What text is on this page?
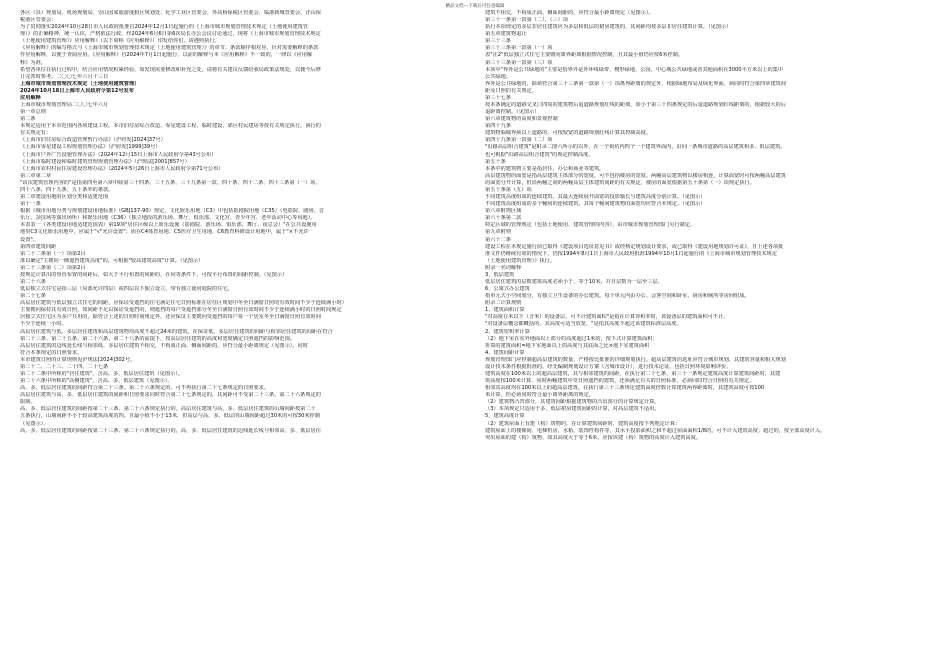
精品文档---下载后可任意编辑

各区（县）规划局、机场规划局、崇山国家旅游度假区规划处、化学工业区管委会、外高桥保税区管委会、临港新城管委会、洋山保

税港区管委会：

为了贯彻落实2024年10月28日市人民政府批准自2024年12月1日起施行的《上海市城市规划管理技术规定（土地使用建筑管

理）》的正确精神，统一认识，严格依法行政，经2024年6月6日第6次局长办公会议讨论通过，现将《上海市城市规划管理技术规定

（土地使用建筑管理）》应用解释》（以下简称《应用解释》）印发给你们，请遵照执行。

《应用解释》的编写格式与《上海市城市规划管理技术规定（土地使用建筑管理）》的章节、条款顺序相对应，针对需要解释的条款

作应用解释，以便于查阅应用。《应用解释》自2024年7月1日起施行，以前的解释与本《应用解释》不一致的，一律以《应用解

释》为准。

希望各单位在执行过程中，结合应用情况积累经验，如发现需要修改和补充之处，请将有关建议反馈给我局政策法规处，以便今后修

订完善时参考。二〇〇七年六月十三日

上海市城市规划管理技术规定（土地使用建筑管理）

2024年10月18日上海市人民政府令第12号发布

应用解释

上海市城市规划管理局二〇〇七年六月

第一章总则

第二条

本规定适用于本市范围内各项建设工程。本市旧住房综合改造、零星建设工程、临时建设、郊区村民建房等按有关规定执行，我行的

有关规定有：

《上海市旧住房综合改造管理暂行办法》（沪府发[2024]37号）

《上海市零星建设工程规划管理办法》（沪府发[1999]39号）

《上海市户外广告设施管理办法》（2024年12月15日上海市人民政府令第43号公布）

《上海市临时建设和临时建筑管理规划管理办法》（沪规法[2001]857号）

《上海市农村村民住房建设管理办法》（2024年5月26日上海市人民政府令第71号公布）

第三章第二章

"该次建筑管理内容的"是指第四至第六章中除第三十四条、三十五条、三十九条第一款、四十条、四十二条、四十三条第（一）项、

四十八条、四十九条、五十条外的条款。

第二章建设用地的区划分类和适建范围

第十一条

根据《城市用地分类与规划建设用地标准》（GBJ137-90）规定，文化娱乐用地（C3）中包括影剧院用地（C35）（电影院、剧场、音

乐厅、杂技场等演出场所）和娱乐用地（C36）（独立地段的游乐场、舞厅、俱乐部、文化宫、青少年宫、老年活动中心等用地）。

本表表一《各类建设用地适建范围表》第19项"居住区级以上娱乐设施（影剧院、游乐场、俱乐部、舞厅、夜总会）"在公共设施用

地里C3文化娱乐用地中，应属于"√"允许设置"；而在C4体育用地、C5医疗卫生用地、C6教育科研设计用地中，属于"×不允许

设置"。

第四章建筑间距

第二十二条第（一）项第2目

准以确定"主朝向一侧遮挡建筑高度"的，可根据"较高建筑高度"计算。（见图示）

第二十三条第（二）项第2目

按规定计算出的垂直布置的间距后，如大于平行布置的间距的，在同等条件下，可按平行布置的间距控制。（见图示）

第二十六条

低层独立式住宅是指三层（局部允许四层）或四层以下独立设立，带有独立使用庭院的住宅。

第二十七条

高层居住建筑与低层独立式住宅的间距，应保证受遮挡的住宅满足住宅日照标准在居住区规划中冬至日满窗日照的有效时间不少于连续满小时）

主要朝向保持其有效日照，如间距不足以保证受遮挡的，则遮挡的每户受遮挡部分冬至日满窗日照有效时间不少于连续满小时的日照时间规定

居独立式住宅区为多户共用的，除符合上述的日照时间规定外，还应保证主要朝向受遮挡的每户每一个居室冬至日满窗日照有效时间

不少于连续一小时。

高层居住建筑与低、多层居住建筑和高层建筑物均高度不超过24米的建筑，在保证低、多层居住建筑的间距与相邻居住建筑的间距在符合

第二十三条、第二十五条、第二十六条、第二十八条的前提下，按高层居住建筑的高度和宽度确定日照遮挡的影响范围。

高层居住建筑的边线延长线与相邻低、多层居住建筑不相交，不构成正面、侧面间距的，应符合最小距离规定（见图示）。同时

符合本条规定的日照要求。

本市建筑日照的计算规则见沪规法[2024]302号。

第二十二、二十三、二十四、二十七条

第二十二条中所称的"居住建筑"，含高、多、低层居住建筑（见图示）。

第二十六条中所称的"高侧建筑"，含高、多、低层建筑（见图示）。

高、多、低层居住建筑的间距符合第二十三条、第二十六条规定的，可不再执行第二十七条规定的日照要求。

高层居住建筑与高、多、低层居住建筑的间距和日照要求同时符合第二十七条规定的，其间距可不受第二十三条、第二十六条规定的

限制。

高、多、低层居住建筑的间距按第二十三条、第二十六条规定执行的，高层居住建筑与高、多、低层居住建筑的山墙间距按第二十

五条执行，山墙间距不小于较高建筑高度的四。且最小值不小于13米，但高层与高、多、低层的山墙间距超过30米的可按30米控制

（见图示）。

高、多、低层居住建筑的间距按第二十三条、第二十六条规定执行的，高、多、低层居住建筑的边线延长线与相邻高、多、低层居住

建筑不相交，不构成正面、侧面间距的，应符合最小距离规定（见图示）。

第三十一条第一款第（二）、（三）项

执行本项规定的多层非居住建筑应为多层和低层的裙房建筑的，其间距均按多层非居住建筑计算。（见图示）

第五章建筑物退让

第三十三条

第三十三条第一款第（一）项

表"注2"低层独立式住宅主要朝向离界距离根据情况控制，且其最小值仍应按6米控制。

第三十三条第一款第（三）项

本项中"界外是公共绿地的"主要是指界外是外环线绿带、楔形绿地、公园、中心城公共绿地或者其他面积在3000平方米以上的集中

公共绿地。

界外是公共绿地的，除须符合第三十三条第一款第（一）项离界距离的规定外，根据绿地布局及绿化界面、须同时符合第四章建筑间

距及日照的有关规定。

第三十七条

按本条确定的道路交叉口四周的建筑物后退道路规划红线的距离，如小于第三十四条规定的后退道路规划红线距离的，根据较大的后

退距离控制。（见图示）

第六章建筑物的高度和景观控制

第四十九条

建筑物临城界须以上道路的，可按较宽的道路规划红线计算其控制高度。

第四十九条第一款第（二）项

"沿路高层组合建筑"是附录二图六所示的以外，在一个街坊内四个一个建筑界面内，沿同一条城市道路的高层建筑和多、低层建筑，

也可根据"沿路高层组合建筑"的规定控制高度。

第五十条

本条中的建筑物主要是指居住，办公和商业等建筑。

高层建筑物的面宽是指高层建筑主体部分的宽度，可不包括楼房的宽度。两幢高层建筑物以楼房相连，计算面宽时可按两幢高层建筑

的面宽分开计算，但沿两幢之间的两幢高层主体建筑间距的有关规定，楼房的面宽根据第五十条第（一）项规定执行。

第五十条第（五）项

不同建筑高度组成的连续建筑，其最大连续展开面宽的投影轴长与建筑高度分别计算。（见图示）

不同建筑高度组成的多个幢间的连续建筑，其每个幢间建筑物的面宽均应符合本规定。（见图示）

第八章附则区域

第六十条第二款

特定区域的管理规定（包括土地使用、建筑管理的内容），由市城市规划管理部门另行制定。

第九章附则

第六十二条

建设工程在本规定施行前已取得《建设项目选址意见书》或经核定规划设计要求，或已取得《建设用地规划许可证》，且上述各项批

准文件仍继续有效的情况下，仍按1994年8月1日上海市人民政府批准1994年10月1日起施行的《上海市城市规划管理技术规定

（土地使用建筑管理）》执行。

附录一名词解释

3、低层建筑

低层居住建筑的层数建筑高度必须小于、等于10米，并且层数为一层至三层。

6、公寓式办公建筑

指单元式小空间划分，有独立卫生设备的办公建筑。每个单元内由办公、会客空间和卧室、厨房和厕所等房间组成。

附录二计算规则

1、建筑面积计算

"对高度在米以下（含米）的设备层，可不计建筑面积"是指在计算容积率时，该设备层的建筑面积可不计。

"对设备层概念都概括的，其高度可适当放宽，"是指其高度不超过该建筑标准层高度。

2、建筑密积率计算

（2）地下室在室外地面以上部分的高度超过1米的，按下式计算建筑面积：

折算的建筑面积=地下室地面以上的高度与其底面之比×地下室建筑面积

4、建筑间距计算

规划管理部门应控制超高层建筑的数量，严格按比批准的详细规划执行。超高层建筑的选址应符合城市规划，其建筑容量和相关规划

设计技术条件根据批准的，经先编制规划设计方案（含城市设计），进行技术论证，包括日照环境影响评价。

建筑高度在100米以上的超高层建筑，其与相邻建筑的间距，在执行第二十七条、第三十一条规定建筑高度计算建筑间距时，其建

筑高度按100米计算，同时两幢建筑中受日照遮挡的建筑，还须满足有关的日照标准，必须同时符合日照的有关规定。

相邻其高度均在100米以上的超高层建筑，在执行第三十三条规定建筑高度倍数计算建筑两界距离时，其建筑高度可按100

米计算，但必须同时符合最小离界距离的规定。

（2）建筑物凸凹部分，其建筑间距根据建筑物的凸出部分的计算规定计算。

（3）本项规定只适用于多、低层裙房建筑间距的计算，对高层建筑不适用。

5、建筑高度计算

（2）建筑屋面上有建（构）筑物的，在计算建筑间距时，建筑高度按下列规定计算：

建筑屋面上的楼梯间、电梯机房、水箱、装饰性构件等，其水平投影面积之和不超过屋面面积1/8的，可不计入建筑高度；超过的，按全部高度计入。

突出屋面的建（构）筑物，如其高度大于等于6米，应按该建（构）筑物的高度计入建筑高度。
